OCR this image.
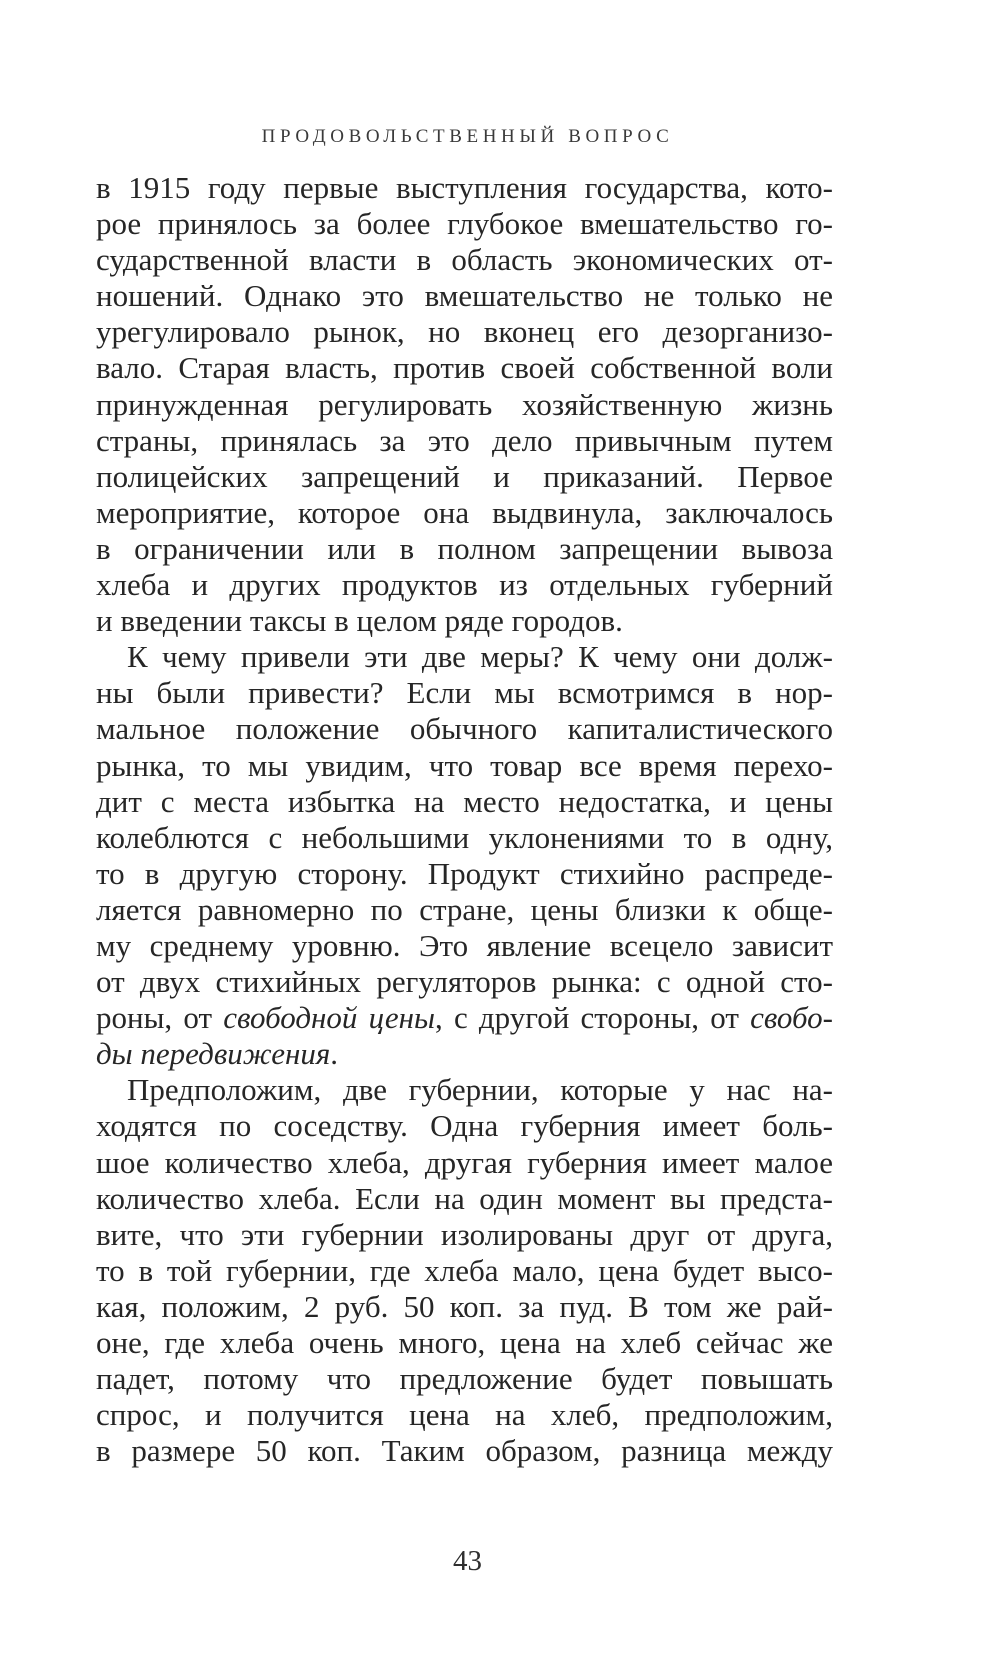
ПРОДОВОЛЬСТВЕННЫЙ ВОПРОС
в 1915 году первые выступления государства, кото-
рое принялось за более глубокое вмешательство го-
сударственной власти в область экономических от-
ношений. Однако это вмешательство не только не
урегулировало рынок, но вконец его дезорганизо-
вало. Старая власть, против своей собственной воли
принужденная регулировать хозяйственную жизнь
страны, принялась за это дело привычным путем
полицейских запрещений и приказаний. Первое
мероприятие, которое она выдвинула, заключалось
в ограничении или в полном запрещении вывоза
хлеба и других продуктов из отдельных губерний
и введении таксы в целом ряде городов.
К чему привели эти две меры? К чему они долж-
ны были привести? Если мы всмотримся в нор-
мальное положение обычного капиталистического
рынка, то мы увидим, что товар все время перехо-
дит с места избытка на место недостатка, и цены
колеблются с небольшими уклонениями то в одну,
то в другую сторону. Продукт стихийно распреде-
ляется равномерно по стране, цены близки к обще-
му среднему уровню. Это явление всецело зависит
от двух стихийных регуляторов рынка: с одной сто-
роны, от свободной цены, с другой стороны, от свобо-
ды передвижения.
Предположим, две губернии, которые у нас на-
ходятся по соседству. Одна губерния имеет боль-
шое количество хлеба, другая губерния имеет малое
количество хлеба. Если на один момент вы предста-
вите, что эти губернии изолированы друг от друга,
то в той губернии, где хлеба мало, цена будет высо-
кая, положим, 2 руб. 50 коп. за пуд. В том же рай-
оне, где хлеба очень много, цена на хлеб сейчас же
падет, потому что предложение будет повышать
спрос, и получится цена на хлеб, предположим,
в размере 50 коп. Таким образом, разница между
43
